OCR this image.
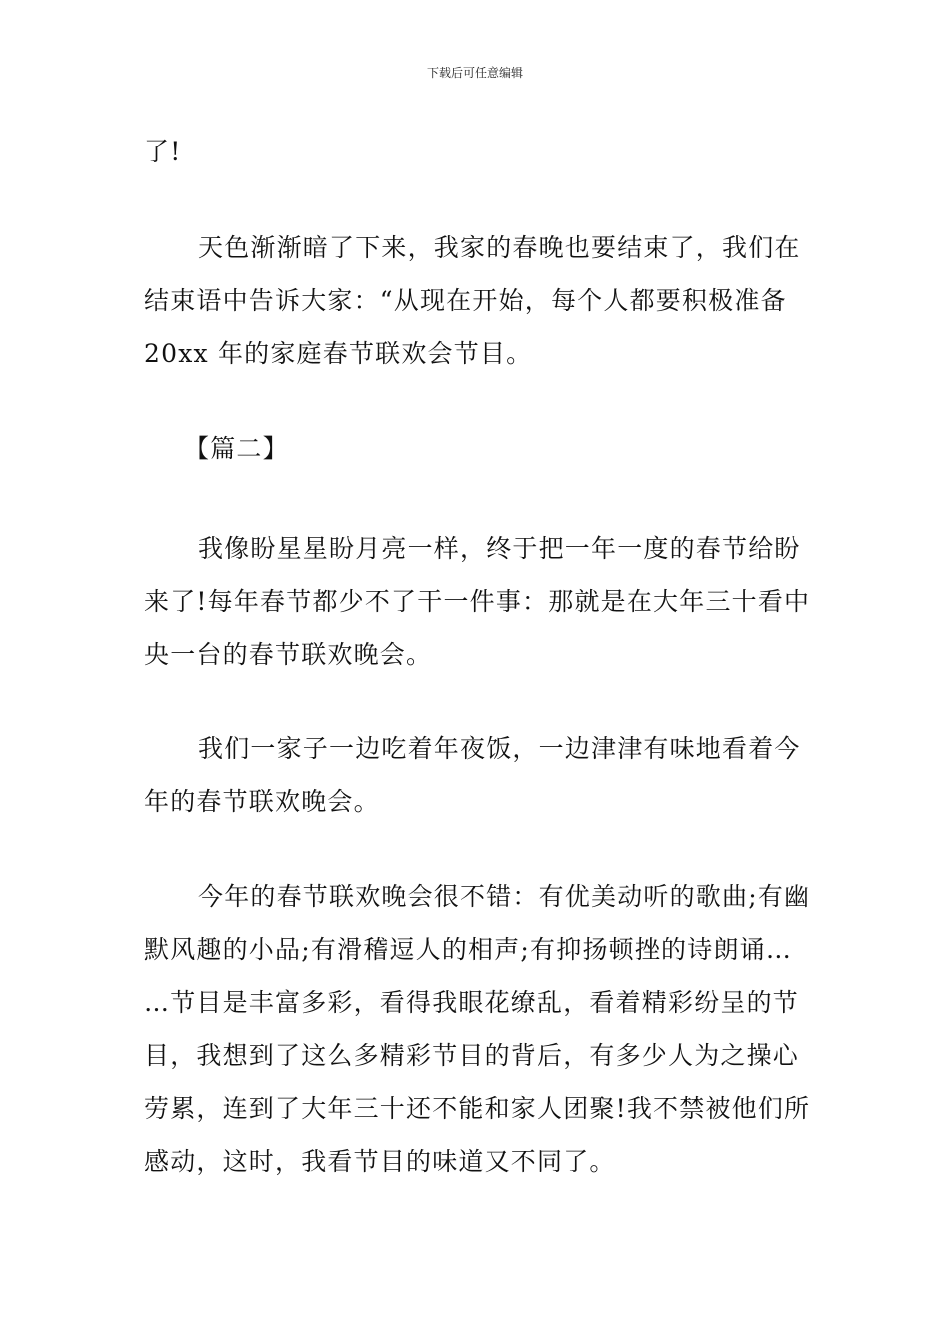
下载后可任意编辑
了!
天色渐渐暗了下来，我家的春晚也要结束了，我们在
结束语中告诉大家：“从现在开始，每个人都要积极准备
20xx 年的家庭春节联欢会节目。
【篇二】
我像盼星星盼月亮一样，终于把一年一度的春节给盼
来了!每年春节都少不了干一件事：那就是在大年三十看中
央一台的春节联欢晚会。
我们一家子一边吃着年夜饭，一边津津有味地看着今
年的春节联欢晚会。
今年的春节联欢晚会很不错：有优美动听的歌曲;有幽
默风趣的小品;有滑稽逗人的相声;有抑扬顿挫的诗朗诵…
…节目是丰富多彩，看得我眼花缭乱，看着精彩纷呈的节
目，我想到了这么多精彩节目的背后，有多少人为之操心
劳累，连到了大年三十还不能和家人团聚!我不禁被他们所
感动，这时，我看节目的味道又不同了。
